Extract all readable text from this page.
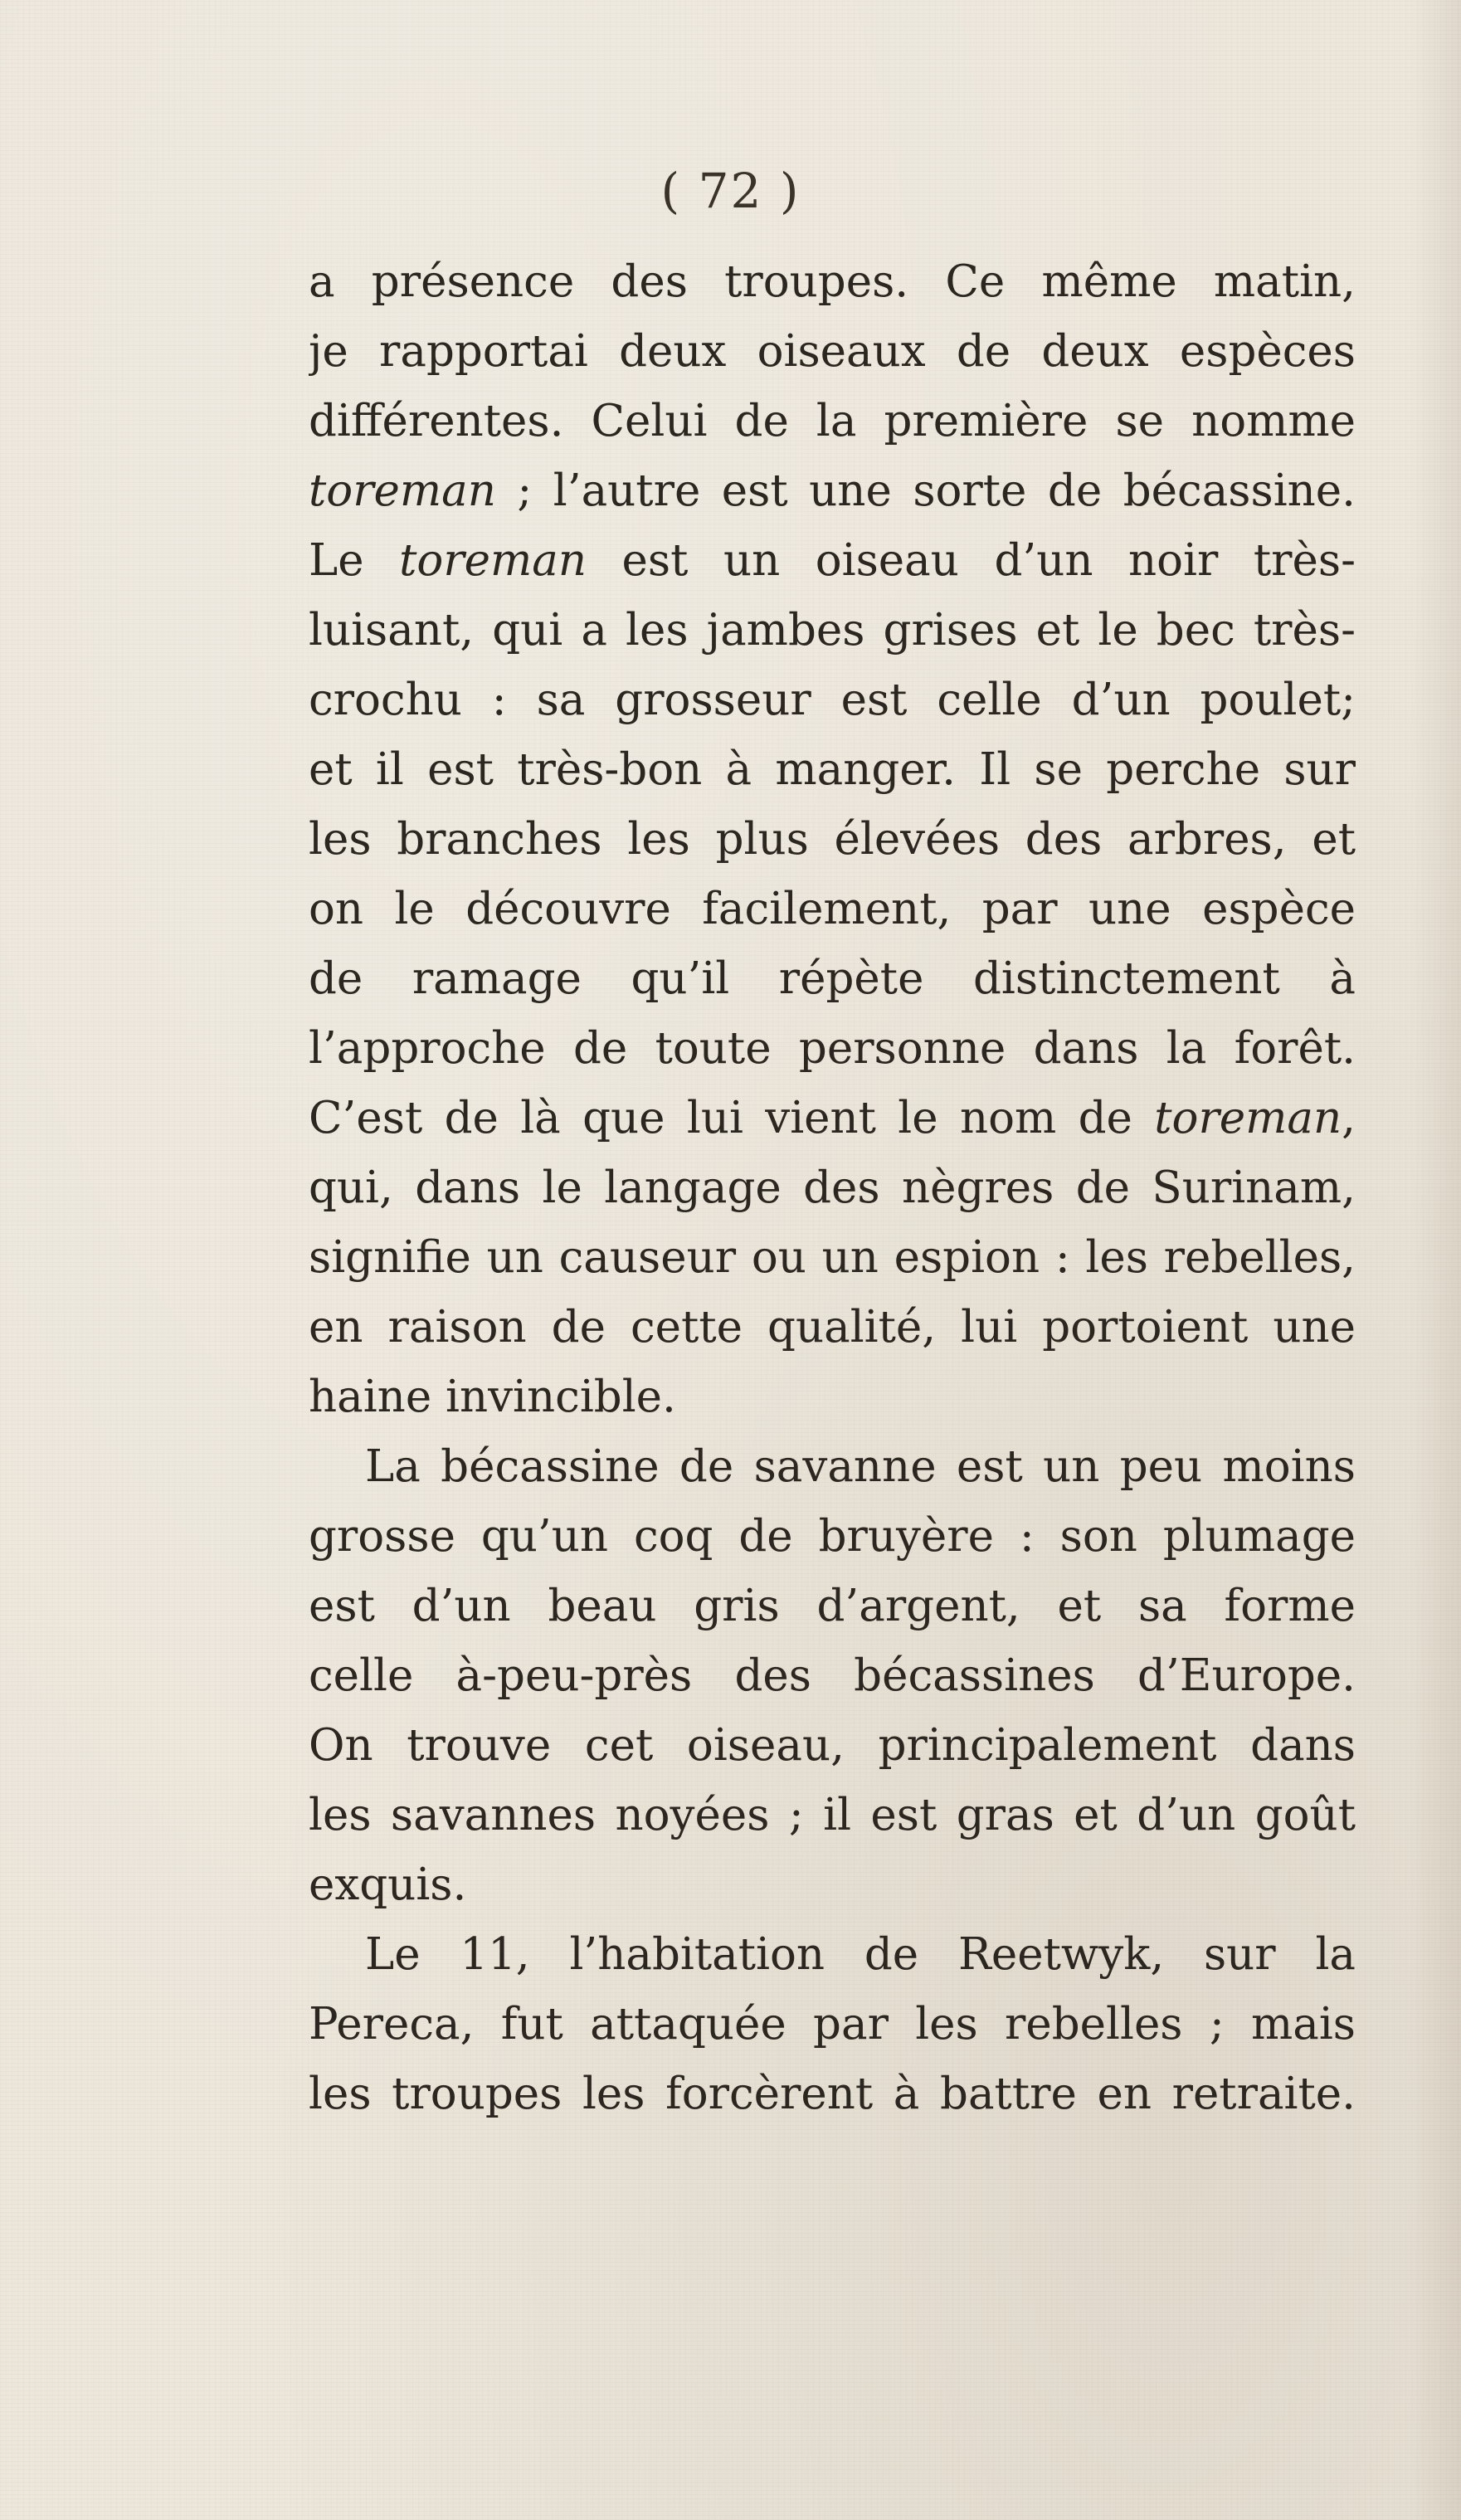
( 72 )
a présence des troupes. Ce même matin,
je rapportai deux oiseaux de deux espèces
différentes. Celui de la première se nomme
toreman ; l’autre est une sorte de bécassine.
Le toreman est un oiseau d’un noir très-
luisant, qui a les jambes grises et le bec très-
crochu : sa grosseur est celle d’un poulet;
et il est très-bon à manger. Il se perche sur
les branches les plus élevées des arbres, et
on le découvre facilement, par une espèce
de ramage qu’il répète distinctement à
l’approche de toute personne dans la forêt.
C’est de là que lui vient le nom de toreman,
qui, dans le langage des nègres de Surinam,
signifie un causeur ou un espion : les rebelles,
en raison de cette qualité, lui portoient une
haine invincible.
La bécassine de savanne est un peu moins
grosse qu’un coq de bruyère : son plumage
est d’un beau gris d’argent, et sa forme
celle à-peu-près des bécassines d’Europe.
On trouve cet oiseau, principalement dans
les savannes noyées ; il est gras et d’un goût
exquis.
Le 11, l’habitation de Reetwyk, sur la
Pereca, fut attaquée par les rebelles ; mais
les troupes les forcèrent à battre en retraite.
